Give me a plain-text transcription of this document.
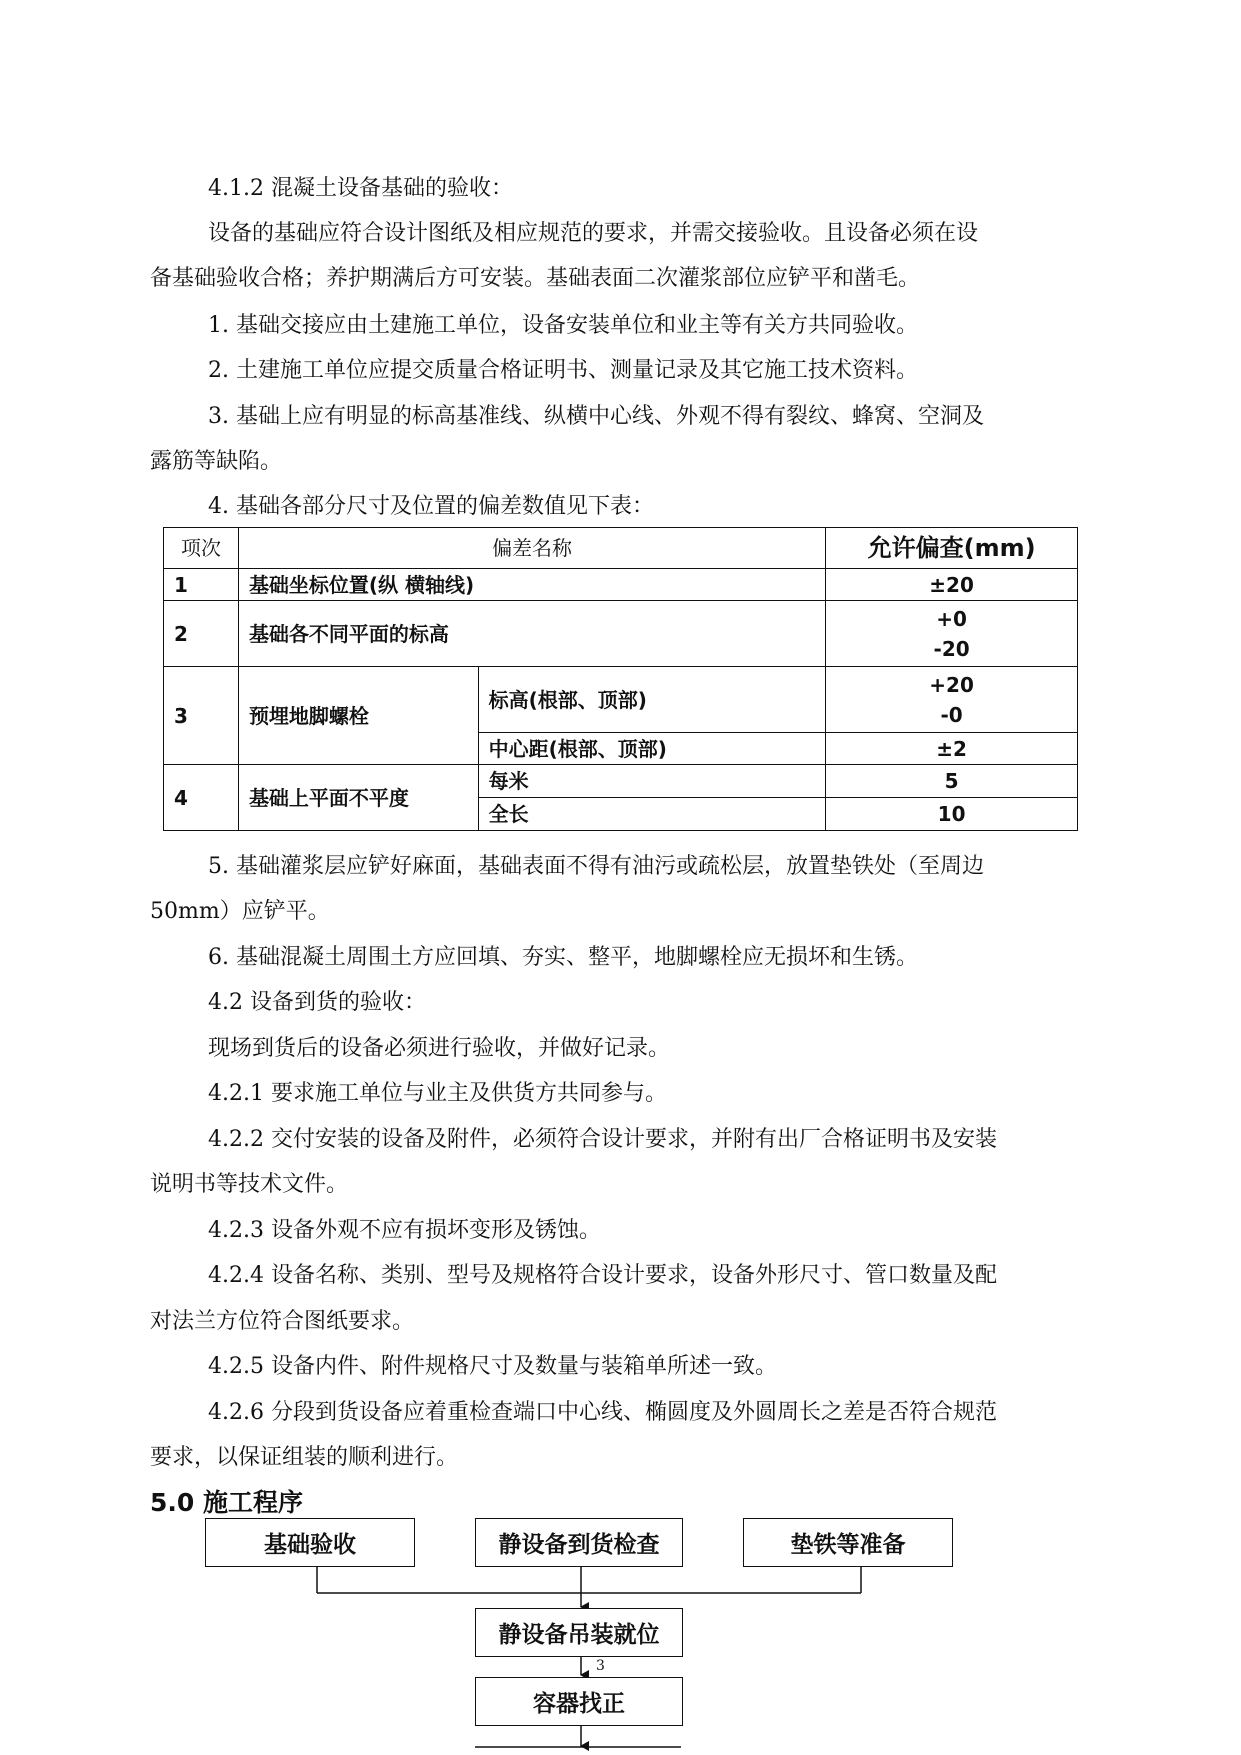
4.1.2 混凝土设备基础的验收：

设备的基础应符合设计图纸及相应规范的要求，并需交接验收。且设备必须在设

备基础验收合格；养护期满后方可安装。基础表面二次灌浆部位应铲平和凿毛。

1. 基础交接应由土建施工单位，设备安装单位和业主等有关方共同验收。

2. 土建施工单位应提交质量合格证明书、测量记录及其它施工技术资料。

3. 基础上应有明显的标高基准线、纵横中心线、外观不得有裂纹、蜂窝、空洞及

露筋等缺陷。

4. 基础各部分尺寸及位置的偏差数值见下表：

项次	偏差名称		允许偏查(mm)
1	基础坐标位置(纵 横轴线)		±20
2	基础各不同平面的标高		+0
-20

3	预埋地脚螺栓	标高(根部、顶部)	+20
-0

		中心距(根部、顶部)	±2
4	基础上平面不平度	每米	5
		全长	10

5. 基础灌浆层应铲好麻面，基础表面不得有油污或疏松层，放置垫铁处（至周边

50mm）应铲平。

6. 基础混凝土周围土方应回填、夯实、整平，地脚螺栓应无损坏和生锈。

4.2 设备到货的验收：

现场到货后的设备必须进行验收，并做好记录。

4.2.1 要求施工单位与业主及供货方共同参与。

4.2.2 交付安装的设备及附件，必须符合设计要求，并附有出厂合格证明书及安装

说明书等技术文件。

4.2.3 设备外观不应有损坏变形及锈蚀。

4.2.4 设备名称、类别、型号及规格符合设计要求，设备外形尺寸、管口数量及配

对法兰方位符合图纸要求。

4.2.5 设备内件、附件规格尺寸及数量与装箱单所述一致。

4.2.6 分段到货设备应着重检查端口中心线、椭圆度及外圆周长之差是否符合规范

要求，以保证组装的顺利进行。

5.0 施工程序
基础验收	静设备到货检查	垫铁等准备
静设备吊装就位
容器找正
3
